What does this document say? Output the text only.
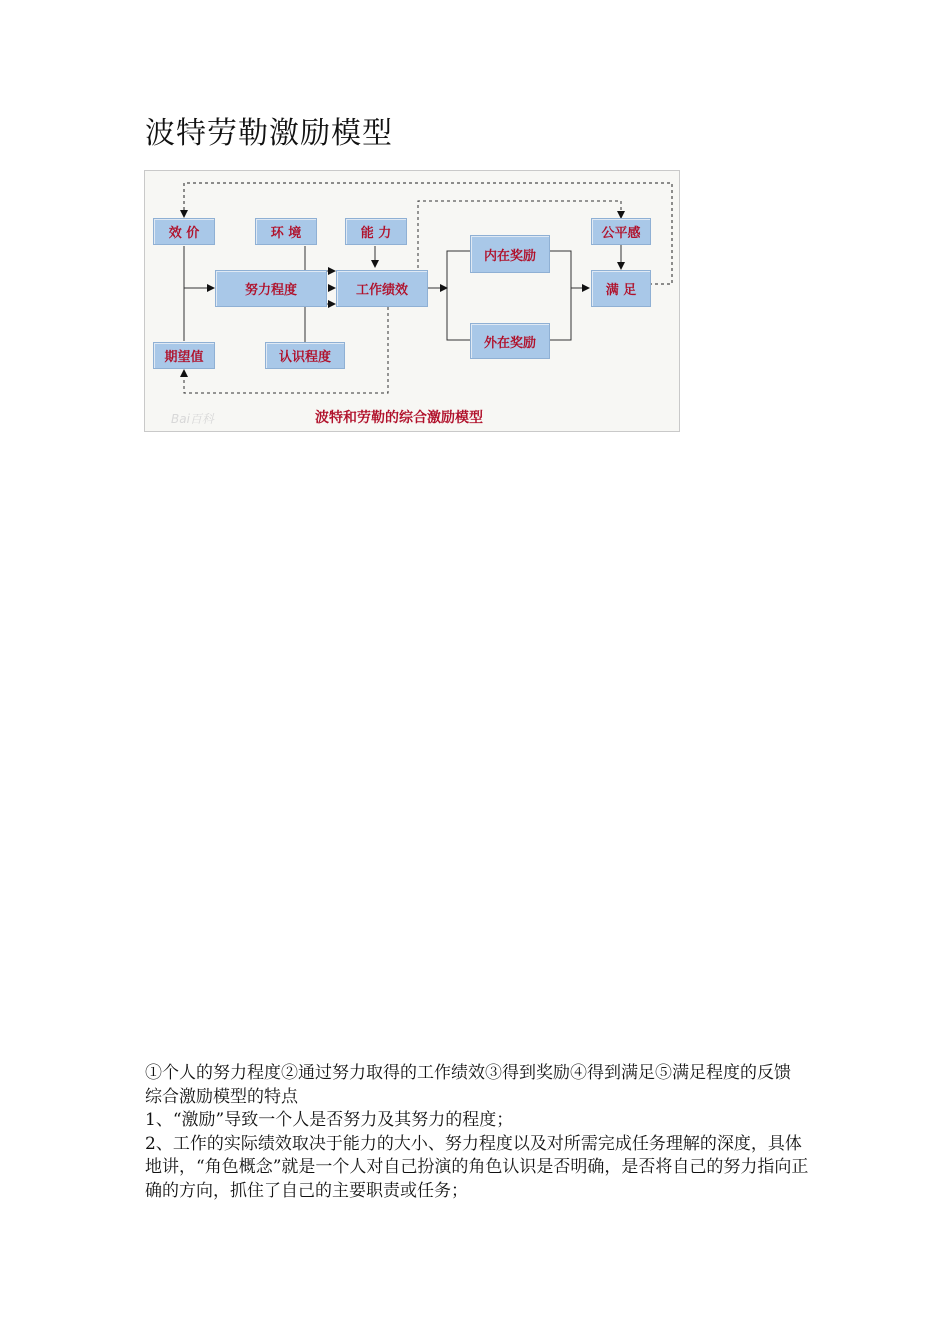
波特劳勒激励模型
效 价	环 境	能 力
内在奖励
公平感
努力程度	工作绩效	满 足
外在奖励
期望值	认识程度
Bai百科	波特和劳勒的综合激励模型

①个人的努力程度②通过努力取得的工作绩效③得到奖励④得到满足⑤满足程度的反馈

综合激励模型的特点

1、“激励”导致一个人是否努力及其努力的程度；

2、工作的实际绩效取决于能力的大小、努力程度以及对所需完成任务理解的深度，具体地讲，“角色概念”就是一个人对自己扮演的角色认识是否明确，是否将自己的努力指向正确的方向，抓住了自己的主要职责或任务；
